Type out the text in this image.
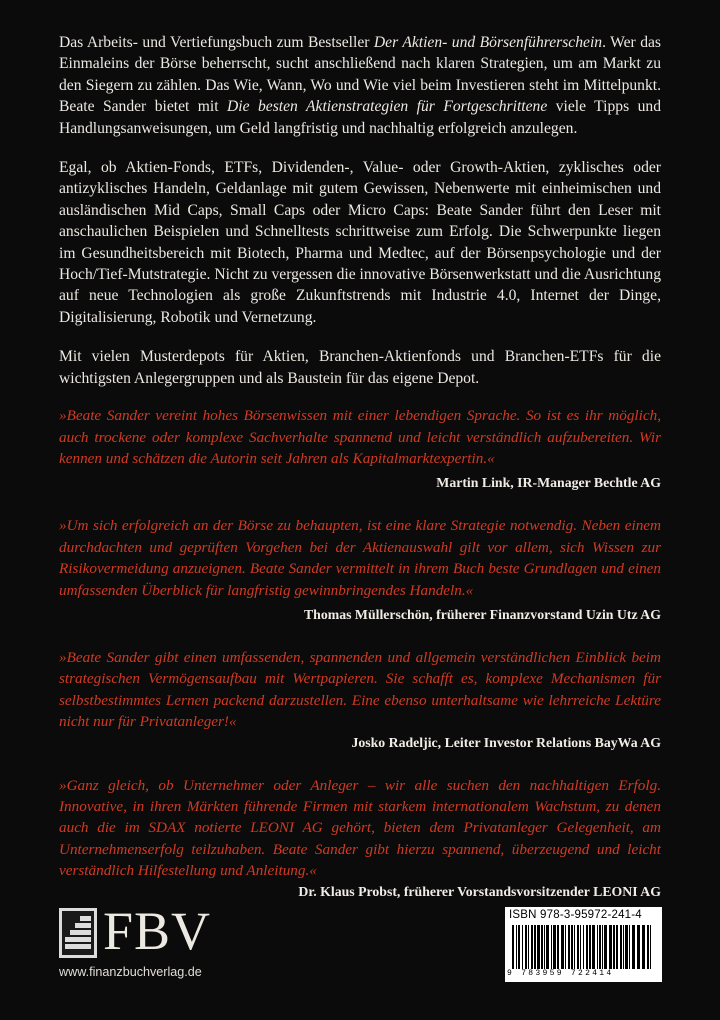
Das Arbeits- und Vertiefungsbuch zum Bestseller Der Aktien- und Börsenführerschein. Wer das Einmaleins der Börse beherrscht, sucht anschließend nach klaren Strategien, um am Markt zu den Siegern zu zählen. Das Wie, Wann, Wo und Wie viel beim Investieren steht im Mittelpunkt. Beate Sander bietet mit Die besten Aktienstrategien für Fortgeschrittene viele Tipps und Handlungsanweisungen, um Geld langfristig und nachhaltig erfolgreich anzulegen.

Egal, ob Aktien-Fonds, ETFs, Dividenden-, Value- oder Growth-Aktien, zyklisches oder antizyklisches Handeln, Geldanlage mit gutem Gewissen, Nebenwerte mit einheimischen und ausländischen Mid Caps, Small Caps oder Micro Caps: Beate Sander führt den Leser mit anschaulichen Beispielen und Schnelltests schrittweise zum Erfolg. Die Schwerpunkte liegen im Gesundheitsbereich mit Biotech, Pharma und Medtec, auf der Börsenpsychologie und der Hoch/Tief-Mutstrategie. Nicht zu vergessen die innovative Börsenwerkstatt und die Ausrichtung auf neue Technologien als große Zukunftstrends mit Industrie 4.0, Internet der Dinge, Digitalisierung, Robotik und Vernetzung.

Mit vielen Musterdepots für Aktien, Branchen-Aktienfonds und Branchen-ETFs für die wichtigsten Anlegergruppen und als Baustein für das eigene Depot.

»Beate Sander vereint hohes Börsenwissen mit einer lebendigen Sprache. So ist es ihr möglich, auch trockene oder komplexe Sachverhalte spannend und leicht verständlich aufzubereiten. Wir kennen und schätzen die Autorin seit Jahren als Kapitalmarktexpertin.«

Martin Link, IR-Manager Bechtle AG

»Um sich erfolgreich an der Börse zu behaupten, ist eine klare Strategie notwendig. Neben einem durchdachten und geprüften Vorgehen bei der Aktienauswahl gilt vor allem, sich Wissen zur Risikovermeidung anzueignen. Beate Sander vermittelt in ihrem Buch beste Grundlagen und einen umfassenden Überblick für langfristig gewinnbringendes Handeln.«

Thomas Müllerschön, früherer Finanzvorstand Uzin Utz AG

»Beate Sander gibt einen umfassenden, spannenden und allgemein verständlichen Einblick beim strategischen Vermögensaufbau mit Wertpapieren. Sie schafft es, komplexe Mechanismen für selbstbestimmtes Lernen packend darzustellen. Eine ebenso unterhaltsame wie lehrreiche Lektüre nicht nur für Privatanleger!«

Josko Radeljic, Leiter Investor Relations BayWa AG

»Ganz gleich, ob Unternehmer oder Anleger – wir alle suchen den nachhaltigen Erfolg. Innovative, in ihren Märkten führende Firmen mit starkem internationalem Wachstum, zu denen auch die im SDAX notierte LEONI AG gehört, bieten dem Privatanleger Gelegenheit, am Unternehmenserfolg teilzuhaben. Beate Sander gibt hierzu spannend, überzeugend und leicht verständlich Hilfestellung und Anleitung.«

Dr. Klaus Probst, früherer Vorstandsvorsitzender LEONI AG

FBV
www.finanzbuchverlag.de
ISBN 978-3-95972-241-4
9 783959 722414
